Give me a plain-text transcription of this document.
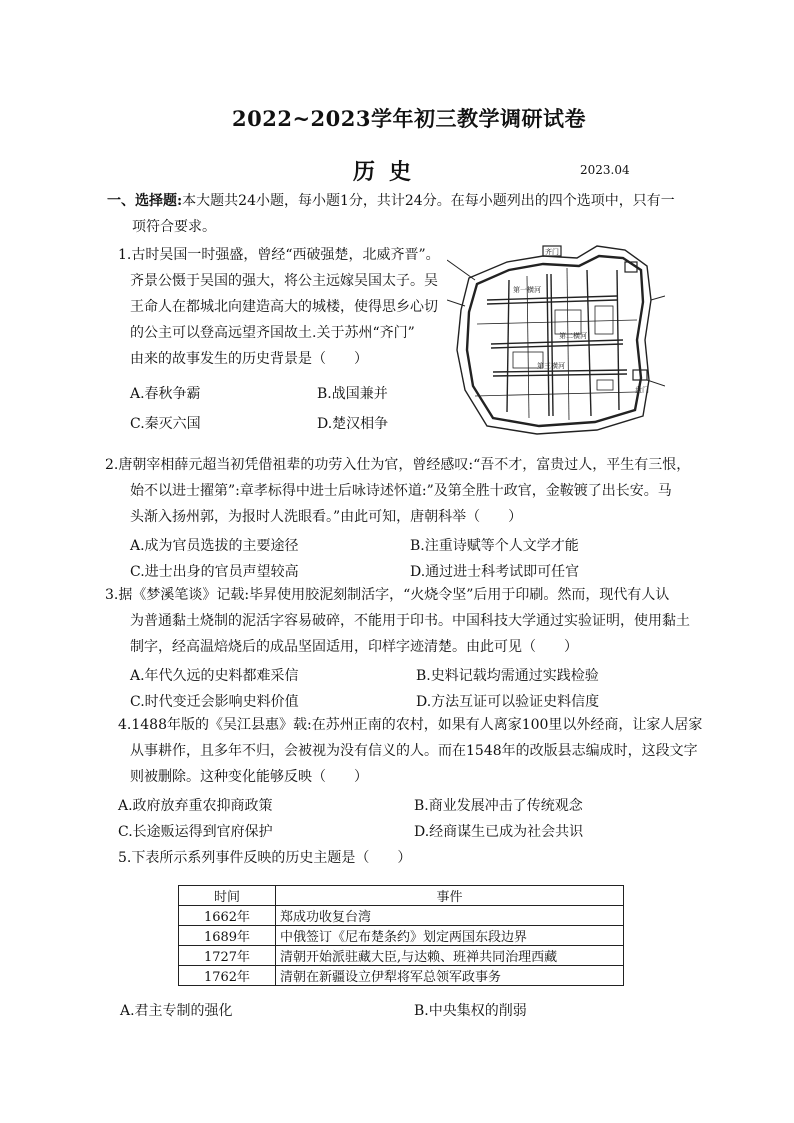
2022~2023学年初三教学调研试卷
历史	2023.04
一、选择题:本大题共24小题，每小题1分，共计24分。在每小题列出的四个选项中，只有一
项符合要求。
1.古时吴国一时强盛，曾经“西破强楚，北威齐晋”。
齐景公慑于吴国的强大，将公主远嫁吴国太子。吴
王命人在都城北向建造高大的城楼，使得思乡心切
的公主可以登高远望齐国故土.关于苏州“齐门”
由来的故事发生的历史背景是（　　）
A.春秋争霸	B.战国兼并
C.秦灭六国	D.楚汉相争
齐门
第一横河
第二横河
第三横河
盘门
2.唐朝宰相薛元超当初凭借祖辈的功劳入仕为官，曾经感叹:“吾不才，富贵过人，平生有三恨，
始不以进士擢第”:章孝标得中进士后咏诗述怀道:”及第全胜十政官，金鞍镀了出长安。马
头渐入扬州郭，为报时人洗眼看。”由此可知，唐朝科举（　　）
A.成为官员选拔的主要途径	B.注重诗赋等个人文学才能
C.进士出身的官员声望较高	D.通过进士科考试即可任官
3.据《梦溪笔谈》记载:毕昇使用胶泥刻制活字，“火烧令坚”后用于印刷。然而，现代有人认
为普通黏土烧制的泥活字容易破碎，不能用于印书。中国科技大学通过实验证明，使用黏土
制字，经高温焙烧后的成品坚固适用，印样字迹清楚。由此可见（　　）
A.年代久远的史料都难采信	B.史料记载均需通过实践检验
C.时代变迁会影响史料价值	D.方法互证可以验证史料信度
4.1488年版的《吴江县惠》载:在苏州正南的农村，如果有人离家100里以外经商，让家人居家
从事耕作，且多年不归，会被视为没有信义的人。而在1548年的改版县志编成时，这段文字
则被删除。这种变化能够反映（　　）
A.政府放弃重农抑商政策	B.商业发展冲击了传统观念
C.长途贩运得到官府保护	D.经商谋生已成为社会共识
5.下表所示系列事件反映的历史主题是（　　）
时间	事件
1662年	郑成功收复台湾
1689年	中俄签订《尼布楚条约》划定两国东段边界
1727年	清朝开始派驻藏大臣,与达赖、班禅共同治理西藏
1762年	清朝在新疆设立伊犁将军总领军政事务
A.君主专制的强化	B.中央集权的削弱
